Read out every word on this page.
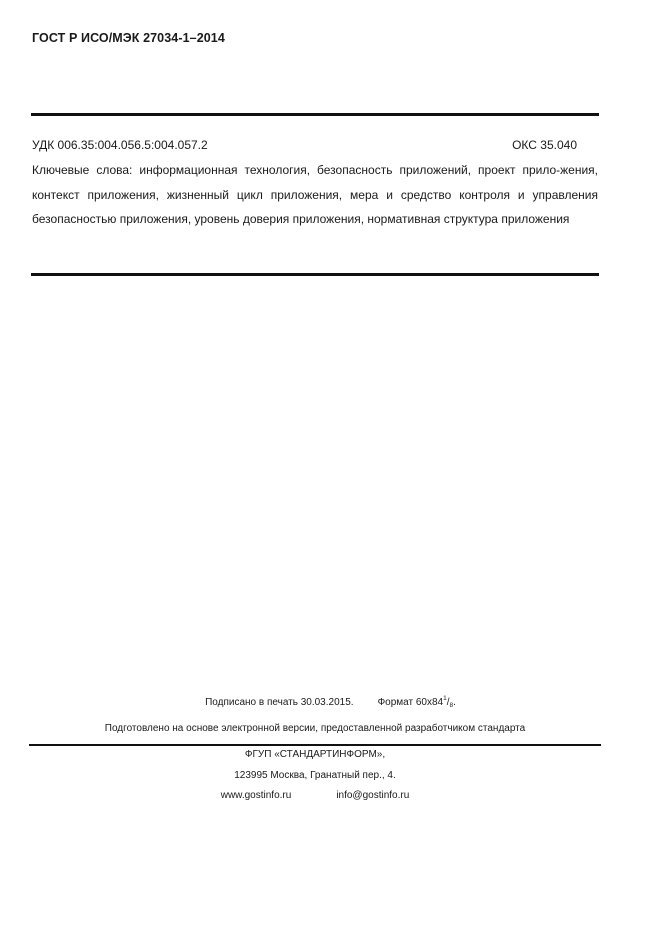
ГОСТ Р ИСО/МЭК 27034-1–2014
УДК 006.35:004.056.5:004.057.2	ОКС 35.040

Ключевые слова: информационная технология, безопасность приложений, проект прило-жения, контекст приложения, жизненный цикл приложения, мера и средство контроля и управления безопасностью приложения, уровень доверия приложения, нормативная структура приложения

Подписано в печать 30.03.2015. Формат $60x84^1/_8$.
Подготовлено на основе электронной версии, предоставленной разработчиком стандарта
ФГУП «СТАНДАРТИНФОРМ»,
123995 Москва, Гранатный пер., 4.
www.gostinfo.ru	info@gostinfo.ru
